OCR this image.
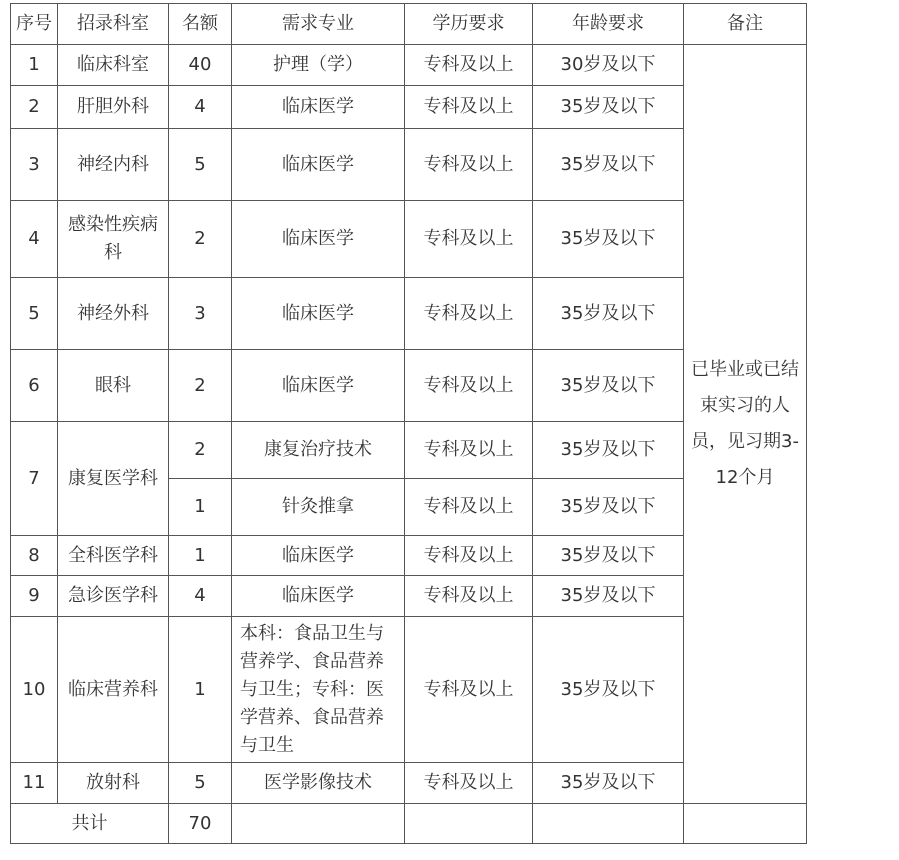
序号	招录科室	名额	需求专业	学历要求	年龄要求	备注
1	临床科室	40	护理（学）	专科及以上	30岁及以下	已毕业或已结束实习的人员，见习期3-12个月
2	肝胆外科	4	临床医学	专科及以上	35岁及以下	
3	神经内科	5	临床医学	专科及以上	35岁及以下	
4	感染性疾病科	2	临床医学	专科及以上	35岁及以下	
5	神经外科	3	临床医学	专科及以上	35岁及以下	
6	眼科	2	临床医学	专科及以上	35岁及以下	
7	康复医学科	2	康复治疗技术	专科及以上	35岁及以下	
		1	针灸推拿	专科及以上	35岁及以下	
8	全科医学科	1	临床医学	专科及以上	35岁及以下	
9	急诊医学科	4	临床医学	专科及以上	35岁及以下	
10	临床营养科	1	本科：食品卫生与营养学、食品营养与卫生；专科：医学营养、食品营养与卫生	专科及以上	35岁及以下	
11	放射科	5	医学影像技术	专科及以上	35岁及以下	
共计		70				
